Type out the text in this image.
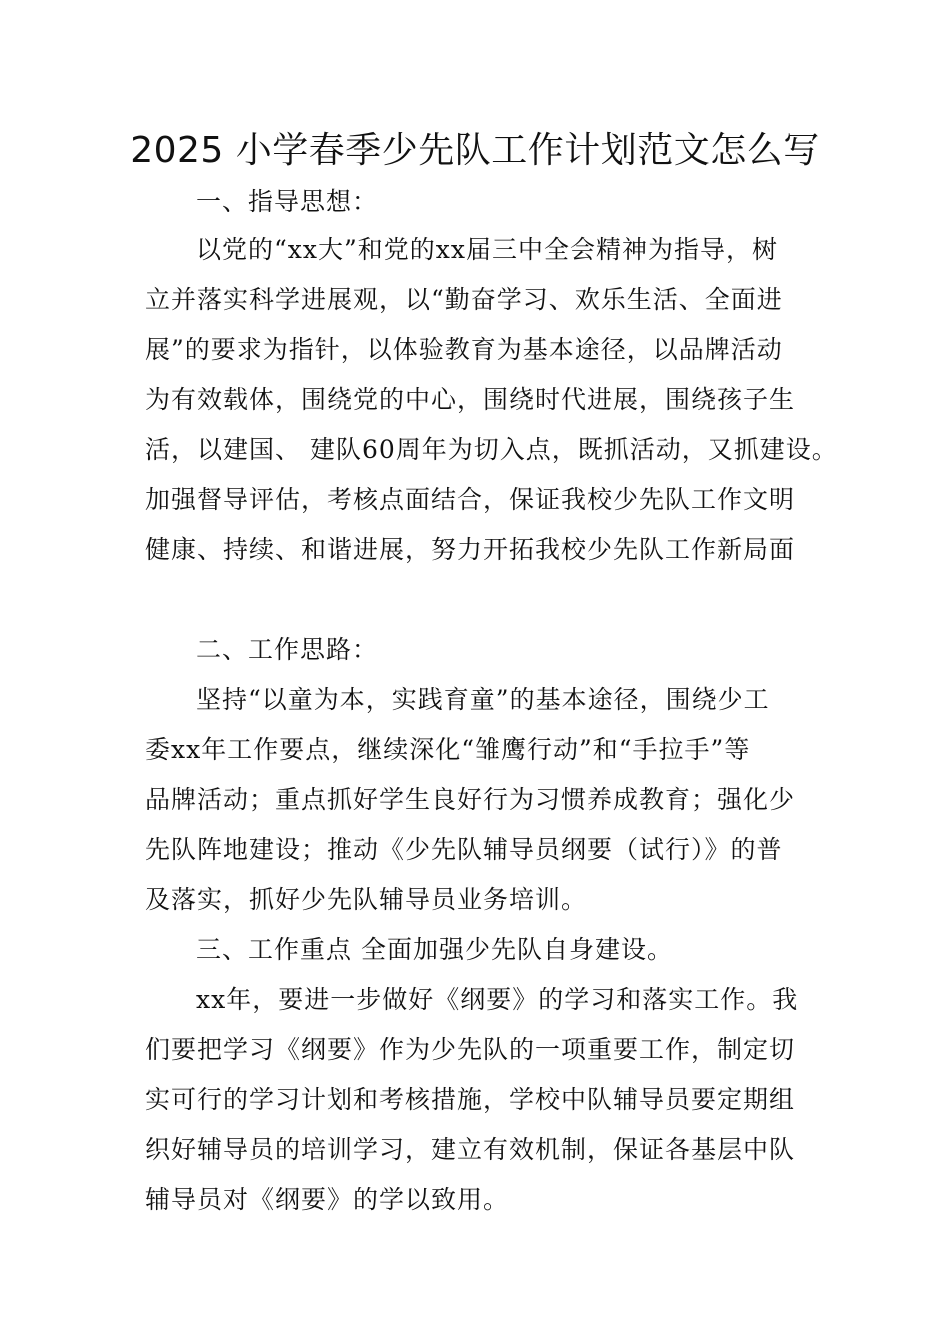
2025 小学春季少先队工作计划范文怎么写
一、指导思想：
以党的“xx大”和党的xx届三中全会精神为指导，树
立并落实科学进展观，以“勤奋学习、欢乐生活、全面进
展”的要求为指针，以体验教育为基本途径，以品牌活动
为有效载体，围绕党的中心，围绕时代进展，围绕孩子生
活，以建国、 建队60周年为切入点，既抓活动，又抓建设。
加强督导评估，考核点面结合，保证我校少先队工作文明
健康、持续、和谐进展，努力开拓我校少先队工作新局面
二、工作思路：
坚持“以童为本，实践育童”的基本途径，围绕少工
委xx年工作要点，继续深化“雏鹰行动”和“手拉手”等
品牌活动；重点抓好学生良好行为习惯养成教育；强化少
先队阵地建设；推动《少先队辅导员纲要（试行）》的普
及落实，抓好少先队辅导员业务培训。
三、工作重点 全面加强少先队自身建设。
xx年，要进一步做好《纲要》的学习和落实工作。我
们要把学习《纲要》作为少先队的一项重要工作，制定切
实可行的学习计划和考核措施，学校中队辅导员要定期组
织好辅导员的培训学习，建立有效机制，保证各基层中队
辅导员对《纲要》的学以致用。
